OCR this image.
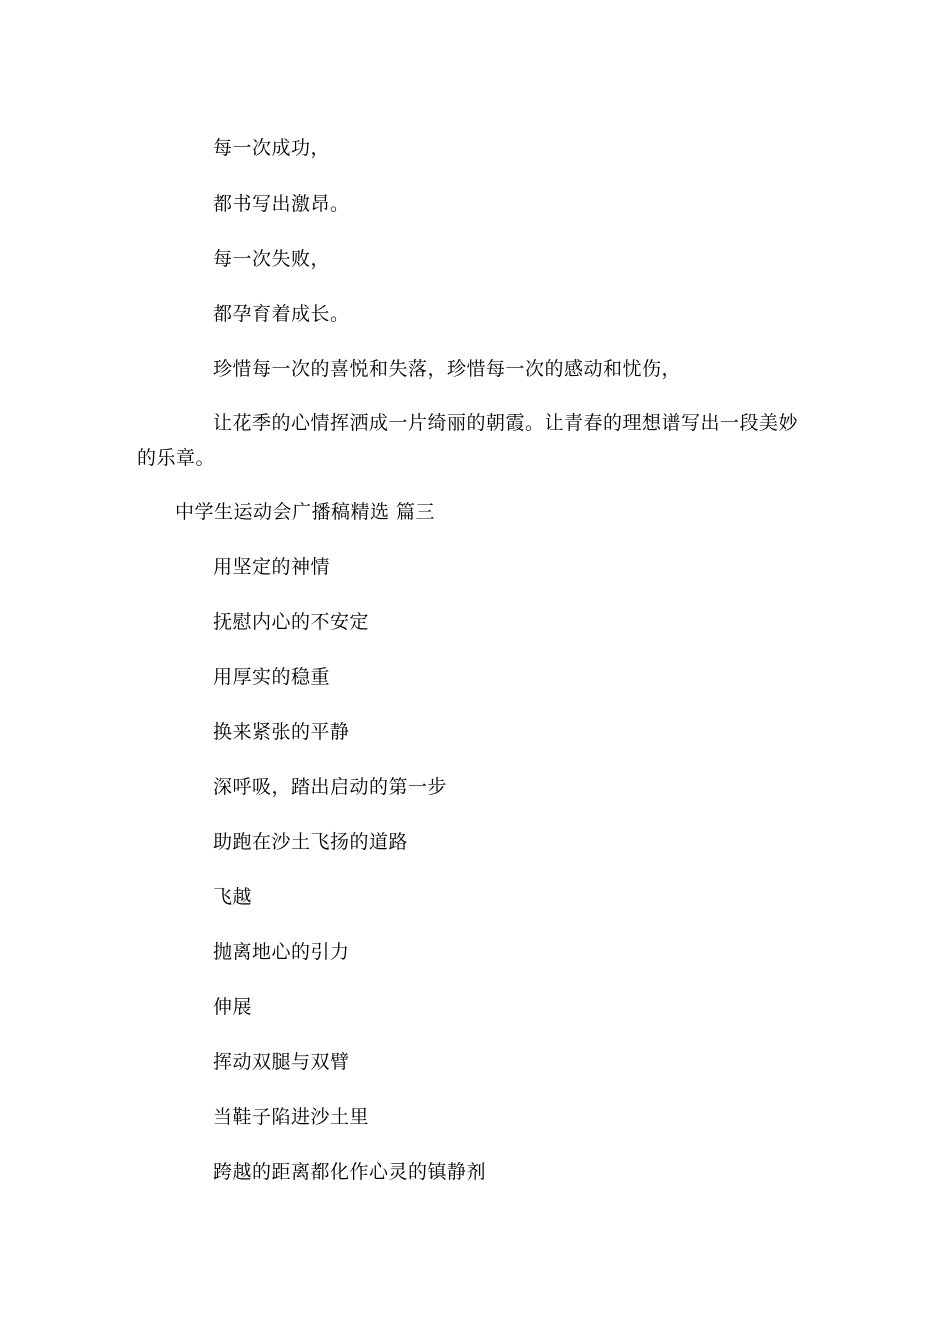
每一次成功，
都书写出激昂。
每一次失败，
都孕育着成长。
珍惜每一次的喜悦和失落，珍惜每一次的感动和忧伤，
让花季的心情挥洒成一片绮丽的朝霞。让青春的理想谱写出一段美妙的乐章。
中学生运动会广播稿精选 篇三
用坚定的神情
抚慰内心的不安定
用厚实的稳重
换来紧张的平静
深呼吸，踏出启动的第一步
助跑在沙土飞扬的道路
飞越
抛离地心的引力
伸展
挥动双腿与双臂
当鞋子陷进沙土里
跨越的距离都化作心灵的镇静剂
